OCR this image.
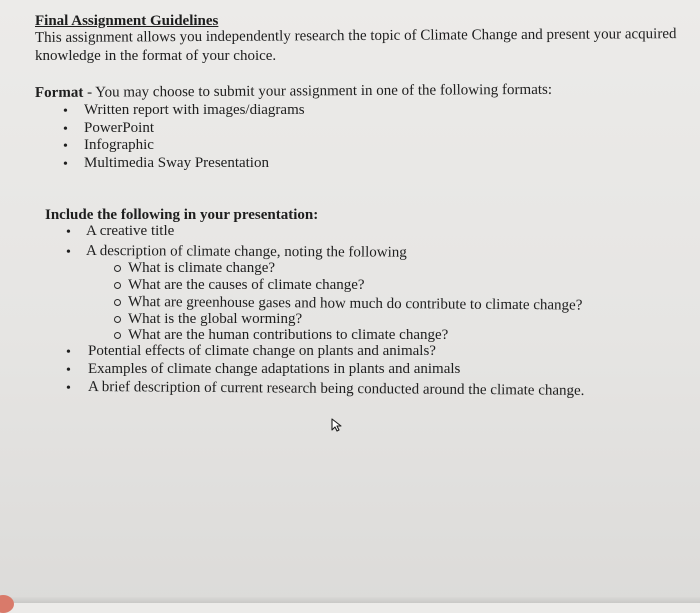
Final Assignment Guidelines
This assignment allows you independently research the topic of Climate Change and present your acquired
knowledge in the format of your choice.
Format - You may choose to submit your assignment in one of the following formats:
• Written report with images/diagrams
• PowerPoint
• Infographic
• Multimedia Sway Presentation
Include the following in your presentation:
• A creative title
• A description of climate change, noting the following
What is climate change?
What are the causes of climate change?
What are greenhouse gases and how much do contribute to climate change?
What is the global worming?
What are the human contributions to climate change?
• Potential effects of climate change on plants and animals?
• Examples of climate change adaptations in plants and animals
• A brief description of current research being conducted around the climate change.
